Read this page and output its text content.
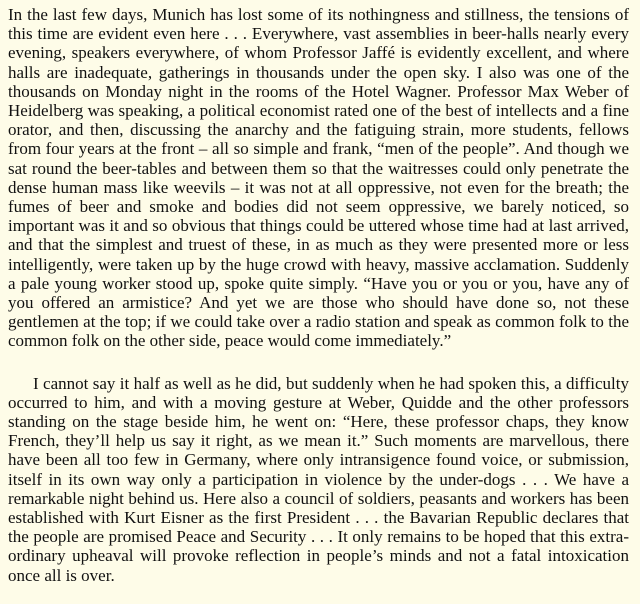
In the last few days, Munich has lost some of its nothingness and stillness, the tensions of this time are evident even here . . . Everywhere, vast assemblies in beer-halls nearly every evening, speakers everywhere, of whom Professor Jaffé is evidently excellent, and where halls are inadequate, gatherings in thousands under the open sky. I also was one of the thousands on Monday night in the rooms of the Hotel Wagner. Professor Max Weber of Heidelberg was speaking, a political economist rated one of the best of intellects and a fine orator, and then, discussing the anarchy and the fatiguing strain, more students, fellows from four years at the front – all so simple and frank, “men of the people”. And though we sat round the beer-tables and between them so that the waitresses could only penetrate the dense human mass like weevils – it was not at all oppressive, not even for the breath; the fumes of beer and smoke and bodies did not seem oppressive, we barely noticed, so important was it and so obvious that things could be uttered whose time had at last arrived, and that the simplest and truest of these, in as much as they were presented more or less intelligently, were taken up by the huge crowd with heavy, massive acclamation. Suddenly a pale young worker stood up, spoke quite simply. “Have you or you or you, have any of you offered an armistice? And yet we are those who should have done so, not these gentlemen at the top; if we could take over a radio station and speak as common folk to the common folk on the other side, peace would come immediately.”

I cannot say it half as well as he did, but suddenly when he had spoken this, a difficulty occurred to him, and with a moving gesture at Weber, Quidde and the other professors standing on the stage beside him, he went on: “Here, these professor chaps, they know French, they’ll help us say it right, as we mean it.” Such moments are marvellous, there have been all too few in Germany, where only intransigence found voice, or submission, itself in its own way only a participation in violence by the under-dogs . . . We have a remarkable night behind us. Here also a council of soldiers, peasants and workers has been established with Kurt Eisner as the first President . . . the Bavarian Republic declares that the people are promised Peace and Security . . . It only remains to be hoped that this extra-ordinary upheaval will provoke reflection in people’s minds and not a fatal intoxication once all is over.
